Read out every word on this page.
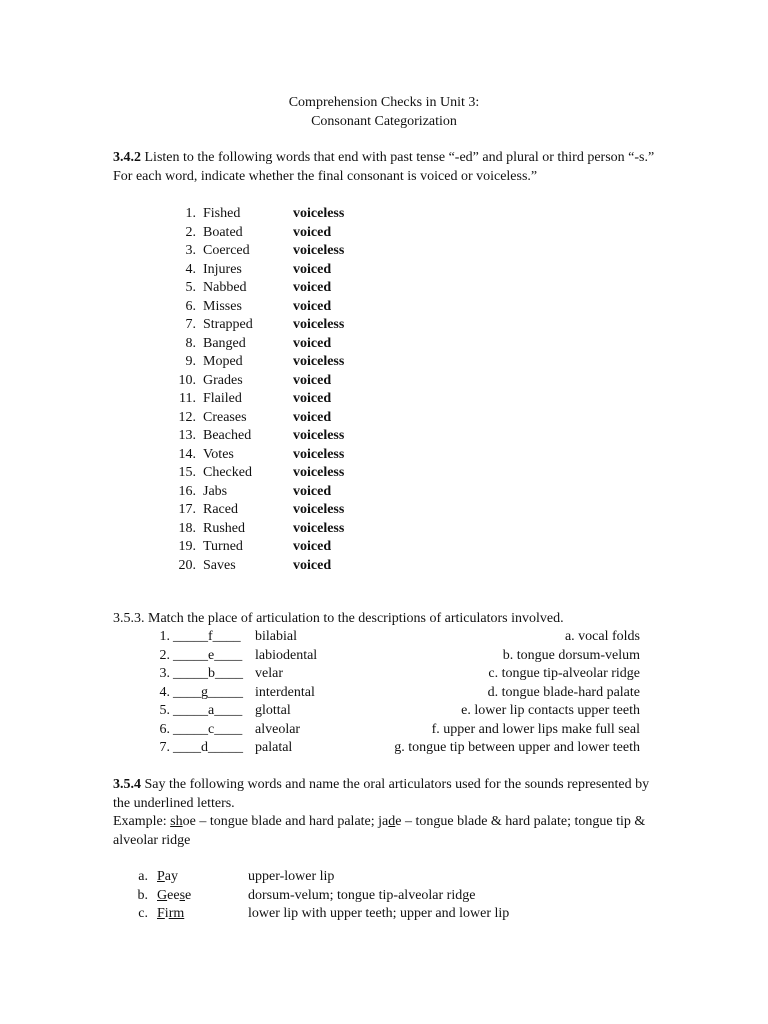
Comprehension Checks in Unit 3:
Consonant Categorization
3.4.2 Listen to the following words that end with past tense “-ed” and plural or third person “-s.” For each word, indicate whether the final consonant is voiced or voiceless.”
1. Fished	voiceless
2. Boated	voiced
3. Coerced	voiceless
4. Injures	voiced
5. Nabbed	voiced
6. Misses	voiced
7. Strapped	voiceless
8. Banged	voiced
9. Moped	voiceless
10. Grades	voiced
11. Flailed	voiced
12. Creases	voiced
13. Beached	voiceless
14. Votes	voiceless
15. Checked	voiceless
16. Jabs	voiced
17. Raced	voiceless
18. Rushed	voiceless
19. Turned	voiced
20. Saves	voiced
3.5.3. Match the place of articulation to the descriptions of articulators involved.
1. _____f____ bilabial	a. vocal folds
2. _____e____ labiodental	b. tongue dorsum-velum
3. _____b____ velar	c. tongue tip-alveolar ridge
4. ____g_____ interdental	d. tongue blade-hard palate
5. _____a____ glottal	e. lower lip contacts upper teeth
6. _____c____ alveolar	f. upper and lower lips make full seal
7. ____d_____ palatal	g. tongue tip between upper and lower teeth
3.5.4 Say the following words and name the oral articulators used for the sounds represented by the underlined letters.
Example: shoe – tongue blade and hard palate; jade – tongue blade & hard palate; tongue tip & alveolar ridge
a. Pay	upper-lower lip
b. Geese	dorsum-velum; tongue tip-alveolar ridge
c. Firm	lower lip with upper teeth; upper and lower lip
